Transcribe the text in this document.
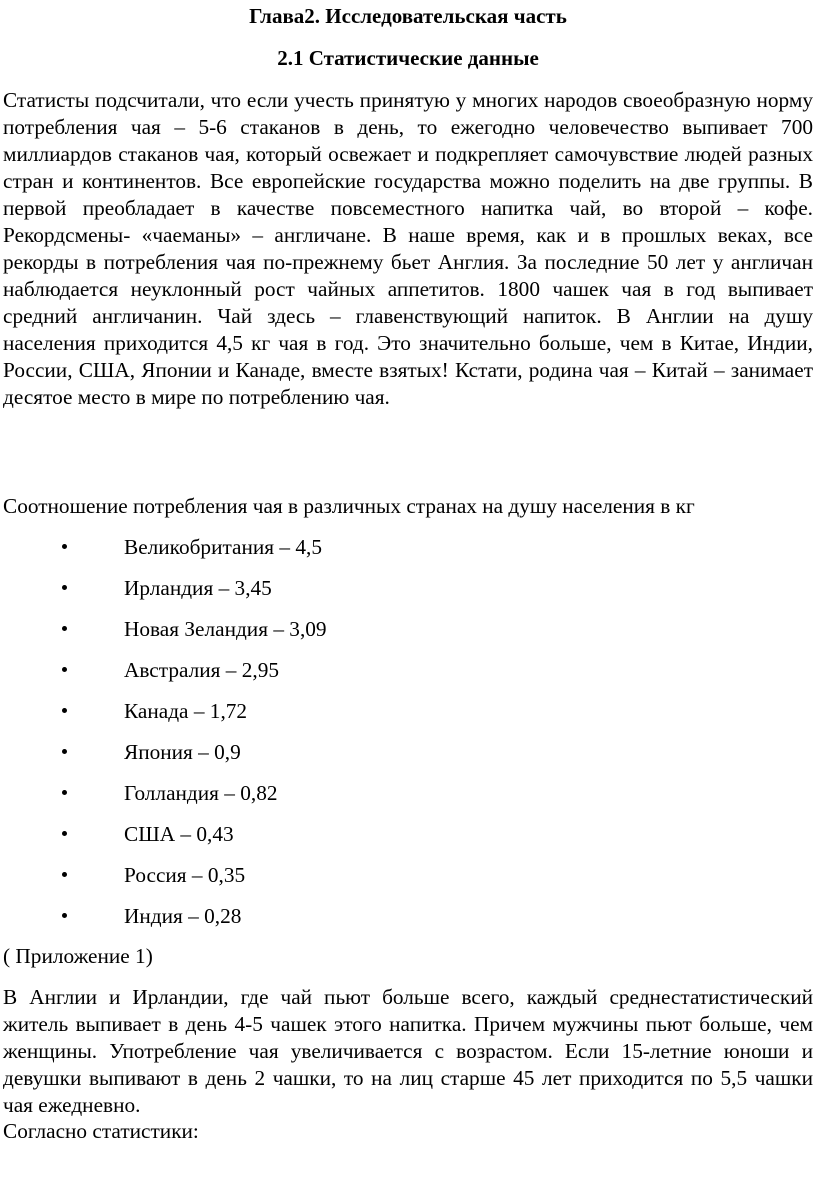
Глава2. Исследовательская часть
2.1 Статистические данные

Статисты подсчитали, что если учесть принятую у многих народов своеобразную норму потребления чая – 5-6 стаканов в день, то ежегодно человечество выпивает 700 миллиардов стаканов чая, который освежает и подкрепляет самочувствие людей разных стран и континентов. Все европейские государства можно поделить на две группы. В первой преобладает в качестве повсеместного напитка чай, во второй – кофе. Рекордсмены- «чаеманы» – англичане. В наше время, как и в прошлых веках, все рекорды в потребления чая по-прежнему бьет Англия. За последние 50 лет у англичан наблюдается неуклонный рост чайных аппетитов. 1800 чашек чая в год выпивает средний англичанин. Чай здесь – главенствующий напиток. В Англии на душу населения приходится 4,5 кг чая в год. Это значительно больше, чем в Китае, Индии, России, США, Японии и Канаде, вместе взятых! Кстати, родина чая – Китай – занимает десятое место в мире по потреблению чая.

Соотношение потребления чая в различных странах на душу населения в кг

Великобритания – 4,5
Ирландия – 3,45
Новая Зеландия – 3,09
Австралия – 2,95
Канада – 1,72
Япония – 0,9
Голландия – 0,82
США – 0,43
Россия – 0,35
Индия – 0,28

( Приложение 1)

В Англии и Ирландии, где чай пьют больше всего, каждый среднестатистический житель выпивает в день 4-5 чашек этого напитка. Причем мужчины пьют больше, чем женщины. Употребление чая увеличивается с возрастом. Если 15-летние юноши и девушки выпивают в день 2 чашки, то на лиц старше 45 лет приходится по 5,5 чашки чая ежедневно.

Согласно статистики:
